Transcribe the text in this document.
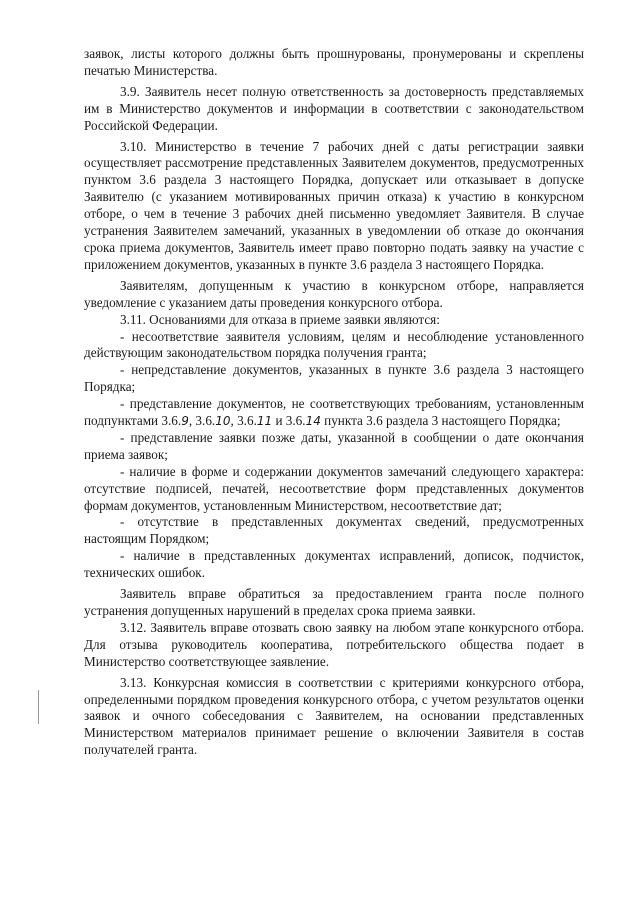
заявок, листы которого должны быть прошнурованы, пронумерованы и скреплены печатью Министерства.

3.9. Заявитель несет полную ответственность за достоверность представляемых им в Министерство документов и информации в соответствии с законодательством Российской Федерации.

3.10. Министерство в течение 7 рабочих дней с даты регистрации заявки осуществляет рассмотрение представленных Заявителем документов, предусмотренных пунктом 3.6 раздела 3 настоящего Порядка, допускает или отказывает в допуске Заявителю (с указанием мотивированных причин отказа) к участию в конкурсном отборе, о чем в течение 3 рабочих дней письменно уведомляет Заявителя. В случае устранения Заявителем замечаний, указанных в уведомлении об отказе до окончания срока приема документов, Заявитель имеет право повторно подать заявку на участие с приложением документов, указанных в пункте 3.6 раздела 3 настоящего Порядка.

Заявителям, допущенным к участию в конкурсном отборе, направляется уведомление с указанием даты проведения конкурсного отбора.

3.11. Основаниями для отказа в приеме заявки являются:

- несоответствие заявителя условиям, целям и несоблюдение установленного действующим законодательством порядка получения гранта;

- непредставление документов, указанных в пункте 3.6 раздела 3 настоящего Порядка;

- представление документов, не соответствующих требованиям, установленным подпунктами 3.6.9, 3.6.10, 3.6.11 и 3.6.14 пункта 3.6 раздела 3 настоящего Порядка;

- представление заявки позже даты, указанной в сообщении о дате окончания приема заявок;

- наличие в форме и содержании документов замечаний следующего характера: отсутствие подписей, печатей, несоответствие форм представленных документов формам документов, установленным Министерством, несоответствие дат;

- отсутствие в представленных документах сведений, предусмотренных настоящим Порядком;

- наличие в представленных документах исправлений, дописок, подчисток, технических ошибок.

Заявитель вправе обратиться за предоставлением гранта после полного устранения допущенных нарушений в пределах срока приема заявки.

3.12. Заявитель вправе отозвать свою заявку на любом этапе конкурсного отбора. Для отзыва руководитель кооператива, потребительского общества подает в Министерство соответствующее заявление.

3.13. Конкурсная комиссия в соответствии с критериями конкурсного отбора, определенными порядком проведения конкурсного отбора, с учетом результатов оценки заявок и очного собеседования с Заявителем, на основании представленных Министерством материалов принимает решение о включении Заявителя в состав получателей гранта.
